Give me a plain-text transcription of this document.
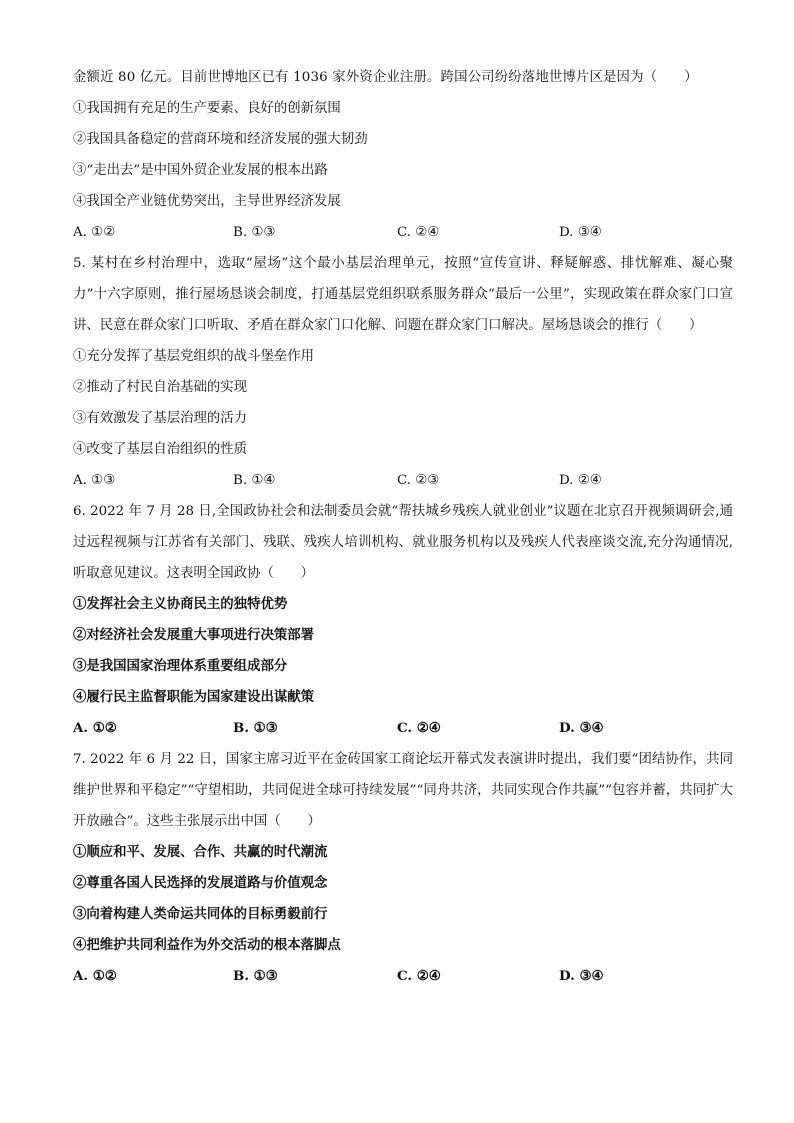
金额近 80 亿元。目前世博地区已有 1036 家外资企业注册。跨国公司纷纷落地世博片区是因为（　　）
①我国拥有充足的生产要素、良好的创新氛围
②我国具备稳定的营商环境和经济发展的强大韧劲
③“走出去”是中国外贸企业发展的根本出路
④我国全产业链优势突出，主导世界经济发展
A. ①②	B. ①③	C. ②④	D. ③④
5. 某村在乡村治理中，选取“屋场”这个最小基层治理单元，按照“宣传宣讲、释疑解惑、排忧解难、凝心聚力”十六字原则，推行屋场恳谈会制度，打通基层党组织联系服务群众“最后一公里”，实现政策在群众家门口宣讲、民意在群众家门口听取、矛盾在群众家门口化解、问题在群众家门口解决。屋场恳谈会的推行（　　）
①充分发挥了基层党组织的战斗堡垒作用
②推动了村民自治基础的实现
③有效激发了基层治理的活力
④改变了基层自治组织的性质
A. ①③	B. ①④	C. ②③	D. ②④
6. 2022 年 7 月 28 日,全国政协社会和法制委员会就“帮扶城乡残疾人就业创业”议题在北京召开视频调研会,通过远程视频与江苏省有关部门、残联、残疾人培训机构、就业服务机构以及残疾人代表座谈交流,充分沟通情况,听取意见建议。这表明全国政协（　　）
①发挥社会主义协商民主的独特优势
②对经济社会发展重大事项进行决策部署
③是我国国家治理体系重要组成部分
④履行民主监督职能为国家建设出谋献策
A. ①②	B. ①③	C. ②④	D. ③④
7. 2022 年 6 月 22 日，国家主席习近平在金砖国家工商论坛开幕式发表演讲时提出，我们要“团结协作，共同维护世界和平稳定”“守望相助，共同促进全球可持续发展”“同舟共济，共同实现合作共赢”“包容并蓄，共同扩大开放融合”。这些主张展示出中国（　　）
①顺应和平、发展、合作、共赢的时代潮流
②尊重各国人民选择的发展道路与价值观念
③向着构建人类命运共同体的目标勇毅前行
④把维护共同利益作为外交活动的根本落脚点
A. ①②	B. ①③	C. ②④	D. ③④
